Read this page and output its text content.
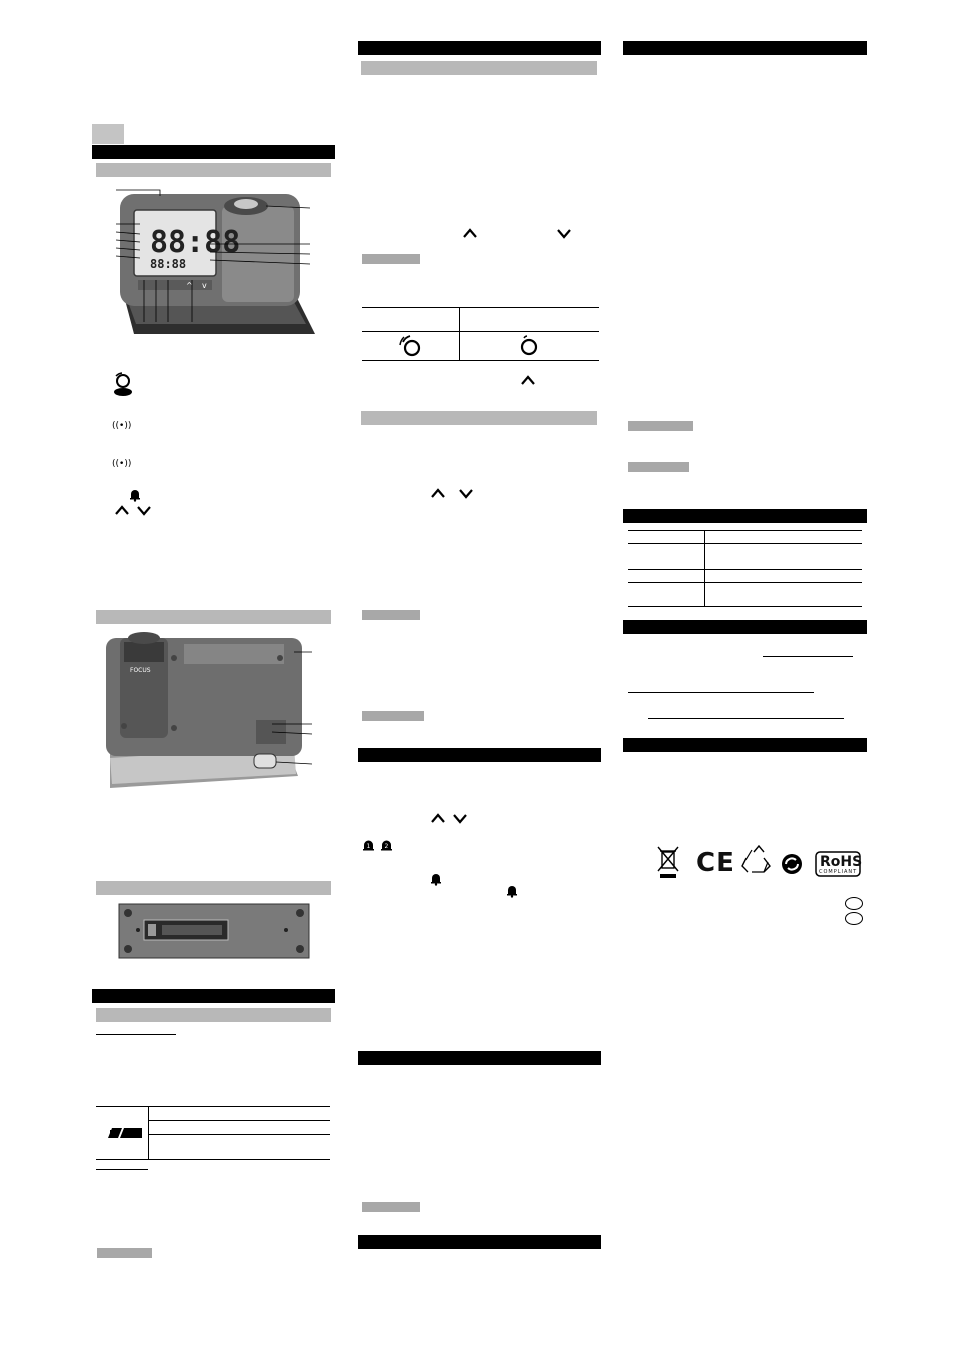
88:88
88:88
^ v
((•))
((•))
FOCUS
1 2
CE	RoHS
COMPLIANT
